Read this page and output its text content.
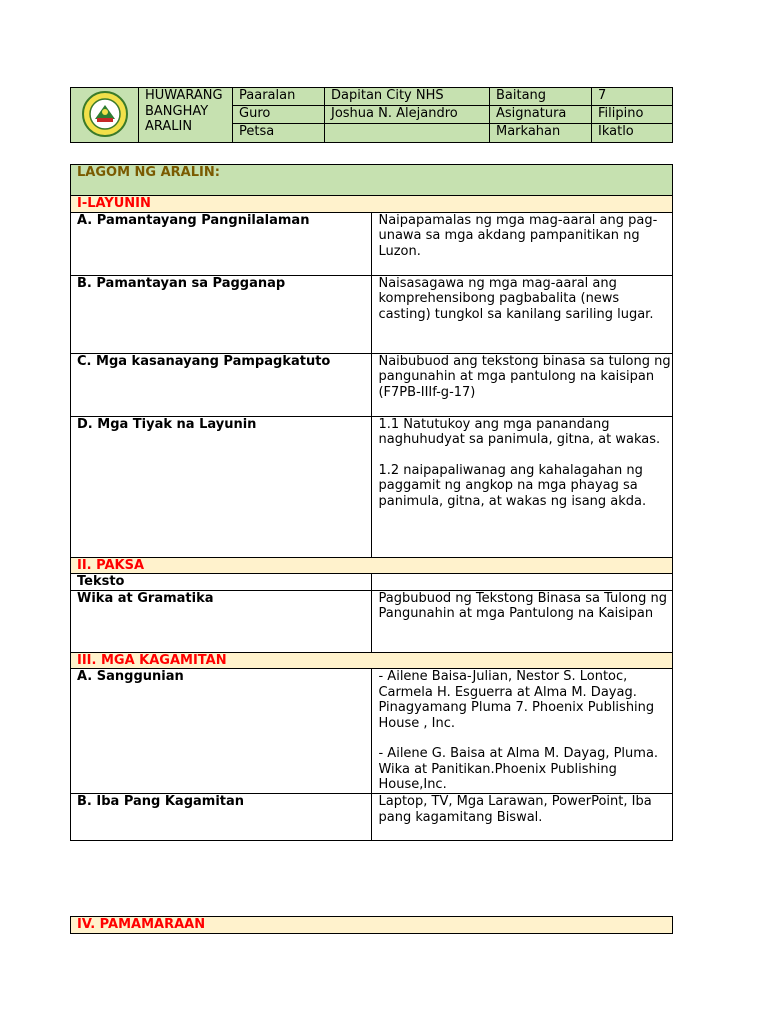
HUWARANG
BANGHAY
ARALIN	Paaralan	Dapitan City NHS	Baitang	7
		Guro	Joshua N. Alejandro	Asignatura	Filipino
		Petsa		Markahan	Ikatlo
LAGOM NG ARALIN:	
I-LAYUNIN	
A. Pamantayang Pangnilalaman	Naipapamalas ng mga mag-aaral ang pag-unawa sa mga akdang pampanitikan ng Luzon.
B. Pamantayan sa Pagganap	Naisasagawa ng mga mag-aaral ang komprehensibong pagbabalita (news casting) tungkol sa kanilang sariling lugar.
C. Mga kasanayang Pampagkatuto	Naibubuod ang tekstong binasa sa tulong ng pangunahin at mga pantulong na kaisipan (F7PB-IIIf-g-17)
D. Mga Tiyak na Layunin	1.1 Natutukoy ang mga panandang naghuhudyat sa panimula, gitna, at wakas.
1.2 naipapaliwanag ang kahalagahan ng paggamit ng angkop na mga phayag sa panimula, gitna, at wakas ng isang akda.

II. PAKSA	
Teksto	
Wika at Gramatika	Pagbubuod ng Tekstong Binasa sa Tulong ng Pangunahin at mga Pantulong na Kaisipan
III. MGA KAGAMITAN	
A. Sanggunian	- Ailene Baisa-Julian, Nestor S. Lontoc, Carmela H. Esguerra at Alma M. Dayag. Pinagyamang Pluma 7. Phoenix Publishing House , Inc.
- Ailene G. Baisa at Alma M. Dayag, Pluma. Wika at Panitikan.Phoenix Publishing House,Inc.

B. Iba Pang Kagamitan	Laptop, TV, Mga Larawan, PowerPoint, Iba pang kagamitang Biswal.
IV. PAMAMARAAN
